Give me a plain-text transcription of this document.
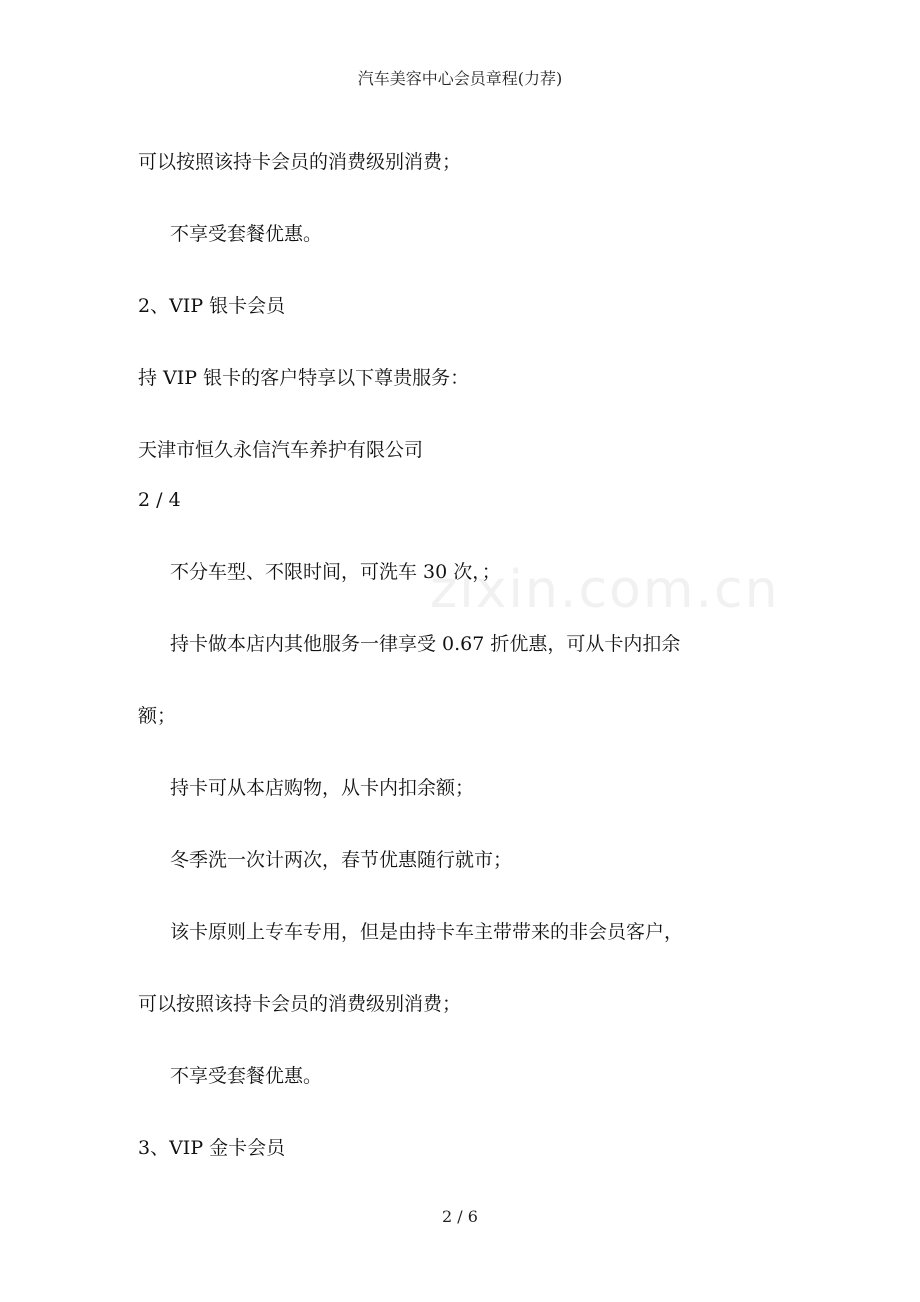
zixin.com.cn
汽车美容中心会员章程(力荐)
可以按照该持卡会员的消费级别消费；
不享受套餐优惠。
2、VIP 银卡会员
持 VIP 银卡的客户特享以下尊贵服务：
天津市恒久永信汽车养护有限公司
2 / 4
不分车型、不限时间，可洗车 30 次，；
持卡做本店内其他服务一律享受 0.67 折优惠，可从卡内扣余
额；
持卡可从本店购物，从卡内扣余额；
冬季洗一次计两次，春节优惠随行就市；
该卡原则上专车专用，但是由持卡车主带带来的非会员客户，
可以按照该持卡会员的消费级别消费；
不享受套餐优惠。
3、VIP 金卡会员
2 / 6
